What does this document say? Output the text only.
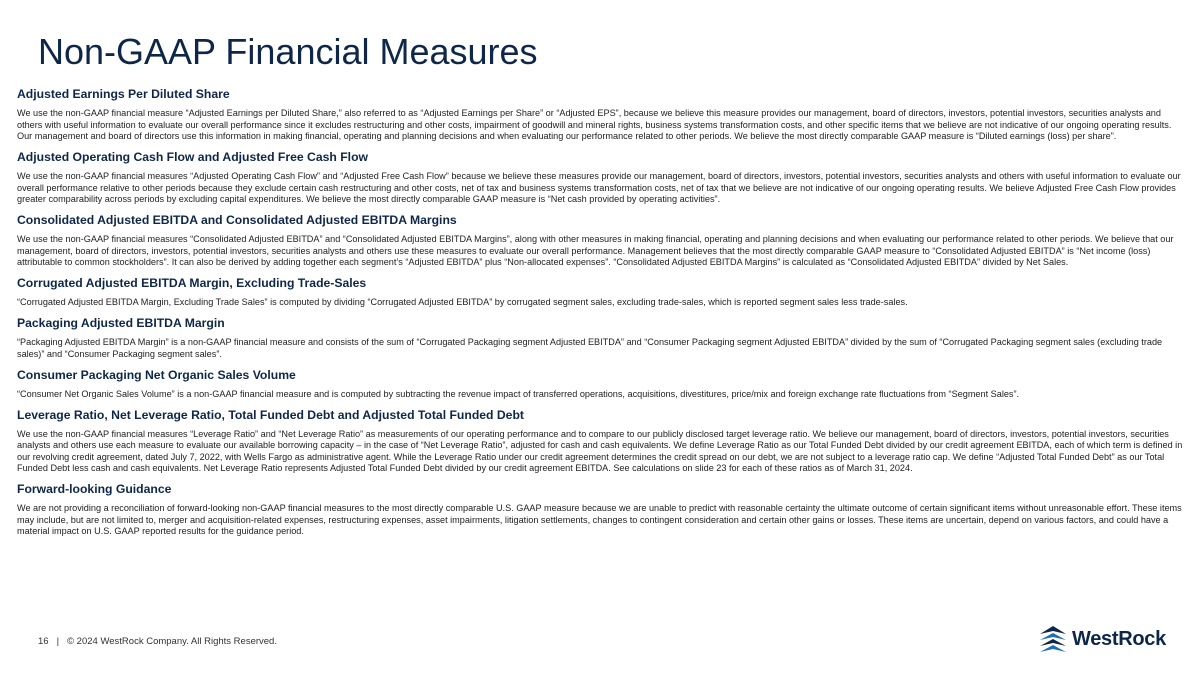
Non-GAAP Financial Measures
Adjusted Earnings Per Diluted Share

We use the non-GAAP financial measure “Adjusted Earnings per Diluted Share,” also referred to as “Adjusted Earnings per Share” or “Adjusted EPS”, because we believe this measure provides our management, board of directors, investors, potential investors, securities analysts and others with useful information to evaluate our overall performance since it excludes restructuring and other costs, impairment of goodwill and mineral rights, business systems transformation costs, and other specific items that we believe are not indicative of our ongoing operating results. Our management and board of directors use this information in making financial, operating and planning decisions and when evaluating our performance related to other periods. We believe the most directly comparable GAAP measure is “Diluted earnings (loss) per share”.

Adjusted Operating Cash Flow and Adjusted Free Cash Flow

We use the non-GAAP financial measures “Adjusted Operating Cash Flow” and “Adjusted Free Cash Flow” because we believe these measures provide our management, board of directors, investors, potential investors, securities analysts and others with useful information to evaluate our overall performance relative to other periods because they exclude certain cash restructuring and other costs, net of tax and business systems transformation costs, net of tax that we believe are not indicative of our ongoing operating results. We believe Adjusted Free Cash Flow provides greater comparability across periods by excluding capital expenditures. We believe the most directly comparable GAAP measure is “Net cash provided by operating activities”.

Consolidated Adjusted EBITDA and Consolidated Adjusted EBITDA Margins

We use the non-GAAP financial measures “Consolidated Adjusted EBITDA” and “Consolidated Adjusted EBITDA Margins”, along with other measures in making financial, operating and planning decisions and when evaluating our performance related to other periods. We believe that our management, board of directors, investors, potential investors, securities analysts and others use these measures to evaluate our overall performance. Management believes that the most directly comparable GAAP measure to “Consolidated Adjusted EBITDA” is “Net income (loss) attributable to common stockholders”. It can also be derived by adding together each segment’s “Adjusted EBITDA” plus “Non-allocated expenses”. “Consolidated Adjusted EBITDA Margins” is calculated as “Consolidated Adjusted EBITDA” divided by Net Sales.

Corrugated Adjusted EBITDA Margin, Excluding Trade-Sales

“Corrugated Adjusted EBITDA Margin, Excluding Trade Sales” is computed by dividing “Corrugated Adjusted EBITDA” by corrugated segment sales, excluding trade-sales, which is reported segment sales less trade-sales.

Packaging Adjusted EBITDA Margin

“Packaging Adjusted EBITDA Margin” is a non-GAAP financial measure and consists of the sum of “Corrugated Packaging segment Adjusted EBITDA” and “Consumer Packaging segment Adjusted EBITDA” divided by the sum of “Corrugated Packaging segment sales (excluding trade sales)” and “Consumer Packaging segment sales”.

Consumer Packaging Net Organic Sales Volume

“Consumer Net Organic Sales Volume” is a non-GAAP financial measure and is computed by subtracting the revenue impact of transferred operations, acquisitions, divestitures, price/mix and foreign exchange rate fluctuations from “Segment Sales”.

Leverage Ratio, Net Leverage Ratio, Total Funded Debt and Adjusted Total Funded Debt

We use the non-GAAP financial measures “Leverage Ratio” and “Net Leverage Ratio” as measurements of our operating performance and to compare to our publicly disclosed target leverage ratio. We believe our management, board of directors, investors, potential investors, securities analysts and others use each measure to evaluate our available borrowing capacity – in the case of “Net Leverage Ratio”, adjusted for cash and cash equivalents. We define Leverage Ratio as our Total Funded Debt divided by our credit agreement EBITDA, each of which term is defined in our revolving credit agreement, dated July 7, 2022, with Wells Fargo as administrative agent. While the Leverage Ratio under our credit agreement determines the credit spread on our debt, we are not subject to a leverage ratio cap. We define “Adjusted Total Funded Debt” as our Total Funded Debt less cash and cash equivalents. Net Leverage Ratio represents Adjusted Total Funded Debt divided by our credit agreement EBITDA. See calculations on slide 23 for each of these ratios as of March 31, 2024.

Forward-looking Guidance

We are not providing a reconciliation of forward-looking non-GAAP financial measures to the most directly comparable U.S. GAAP measure because we are unable to predict with reasonable certainty the ultimate outcome of certain significant items without unreasonable effort. These items may include, but are not limited to, merger and acquisition-related expenses, restructuring expenses, asset impairments, litigation settlements, changes to contingent consideration and certain other gains or losses. These items are uncertain, depend on various factors, and could have a material impact on U.S. GAAP reported results for the guidance period.

16 | © 2024 WestRock Company. All Rights Reserved.	WestRock
